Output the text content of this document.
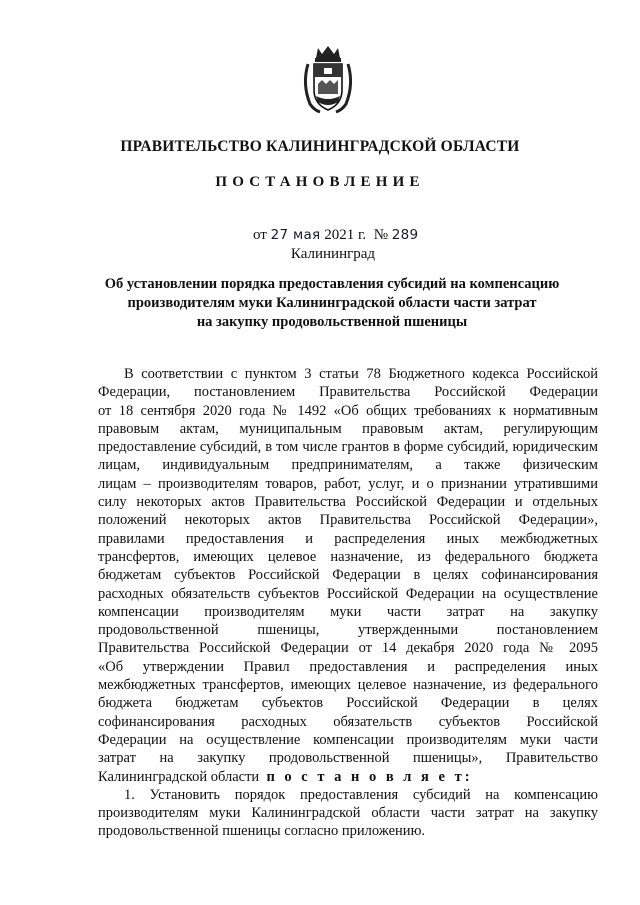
ПРАВИТЕЛЬСТВО КАЛИНИНГРАДСКОЙ ОБЛАСТИ
ПОСТАНОВЛЕНИЕ
от 27 мая 2021 г. № 289
Калининград
Об установлении порядка предоставления субсидий на компенсацию
производителям муки Калининградской области части затрат
на закупку продовольственной пшеницы
В соответствии с пунктом 3 статьи 78 Бюджетного кодекса Российской
Федерации, постановлением Правительства Российской Федерации
от 18 сентября 2020 года № 1492 «Об общих требованиях к нормативным
правовым актам, муниципальным правовым актам, регулирующим
предоставление субсидий, в том числе грантов в форме субсидий, юридическим
лицам, индивидуальным предпринимателям, а также физическим
лицам – производителям товаров, работ, услуг, и о признании утратившими
силу некоторых актов Правительства Российской Федерации и отдельных
положений некоторых актов Правительства Российской Федерации»,
правилами предоставления и распределения иных межбюджетных
трансфертов, имеющих целевое назначение, из федерального бюджета
бюджетам субъектов Российской Федерации в целях софинансирования
расходных обязательств субъектов Российской Федерации на осуществление
компенсации производителям муки части затрат на закупку
продовольственной пшеницы, утвержденными постановлением
Правительства Российской Федерации от 14 декабря 2020 года № 2095
«Об утверждении Правил предоставления и распределения иных
межбюджетных трансфертов, имеющих целевое назначение, из федерального
бюджета бюджетам субъектов Российской Федерации в целях
софинансирования расходных обязательств субъектов Российской
Федерации на осуществление компенсации производителям муки части
затрат на закупку продовольственной пшеницы», Правительство
Калининградской области п о с т а н о в л я е т:
1. Установить порядок предоставления субсидий на компенсацию
производителям муки Калининградской области части затрат на закупку
продовольственной пшеницы согласно приложению.
